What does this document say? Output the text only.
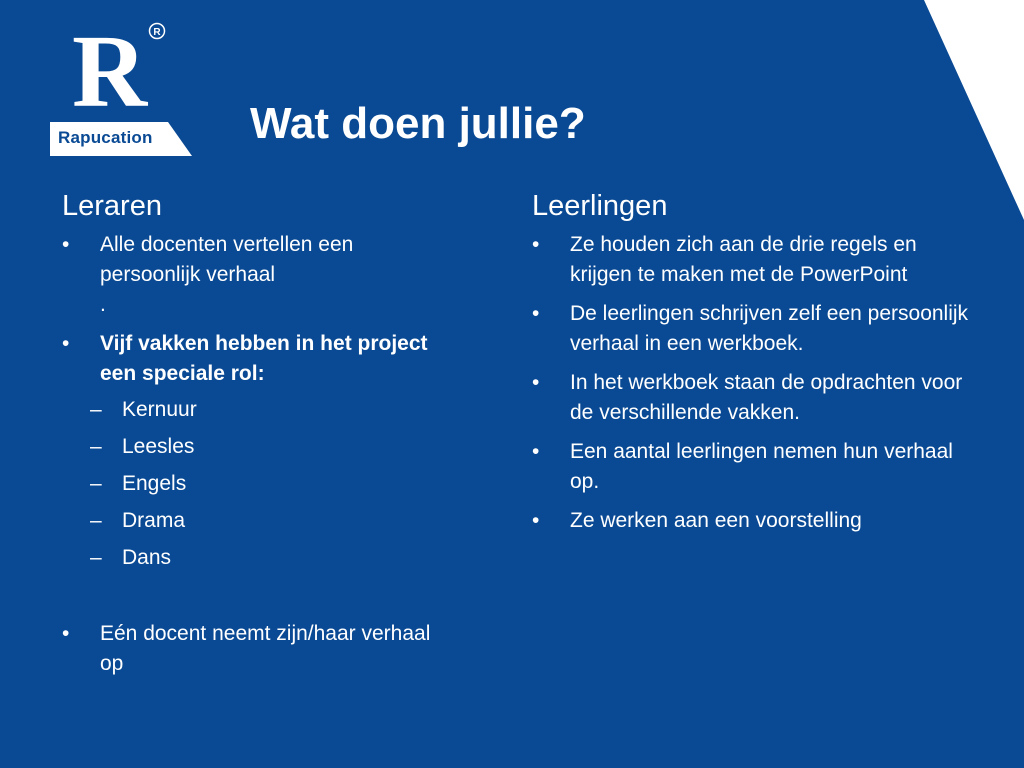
R R
Rapucation Wat doen jullie?
Leraren
•	Alle docenten vertellen een persoonlijk verhaal
.
•	Vijf vakken hebben in het project een speciale rol:
– Kernuur
– Leesles
– Engels
– Drama
– Dans
•	Eén docent neemt zijn/haar verhaal op
Leerlingen
•	Ze houden zich aan de drie regels en krijgen te maken met de PowerPoint
•	De leerlingen schrijven zelf een persoonlijk verhaal in een werkboek.
•	In het werkboek staan de opdrachten voor de verschillende vakken.
•	Een aantal leerlingen nemen hun verhaal op.
•	Ze werken aan een voorstelling
